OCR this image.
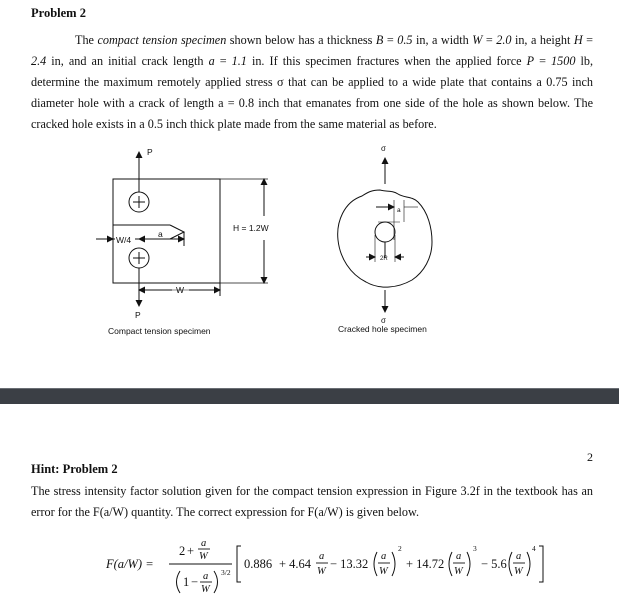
Problem 2
The compact tension specimen shown below has a thickness B = 0.5 in, a width W = 2.0 in, a height H =
2.4 in, and an initial crack length a = 1.1 in. If this specimen fractures when the applied force P = 1500 lb,
determine the maximum remotely applied stress σ that can be applied to a wide plate that contains a 0.75 inch
diameter hole with a crack of length a = 0.8 inch that emanates from one side of the hole as shown below. The
cracked hole exists in a 0.5 inch thick plate made from the same material as before.
P
P
W/4
a
H = 1.2W
W
Compact tension specimen
σ
σ
a
2R
Cracked hole specimen
2
Hint: Problem 2
The stress intensity factor solution given for the compact tension expression in Figure 3.2f in the textbook has an
error for the F(a/W) quantity. The correct expression for F(a/W) is given below.
F(a/W) =
2 +
a
W
1 − a
W
3/2
0.886 + 4.64
a
W
− 13.32
a
W
2
+ 14.72
a
W
3
− 5.6
a
W
4
